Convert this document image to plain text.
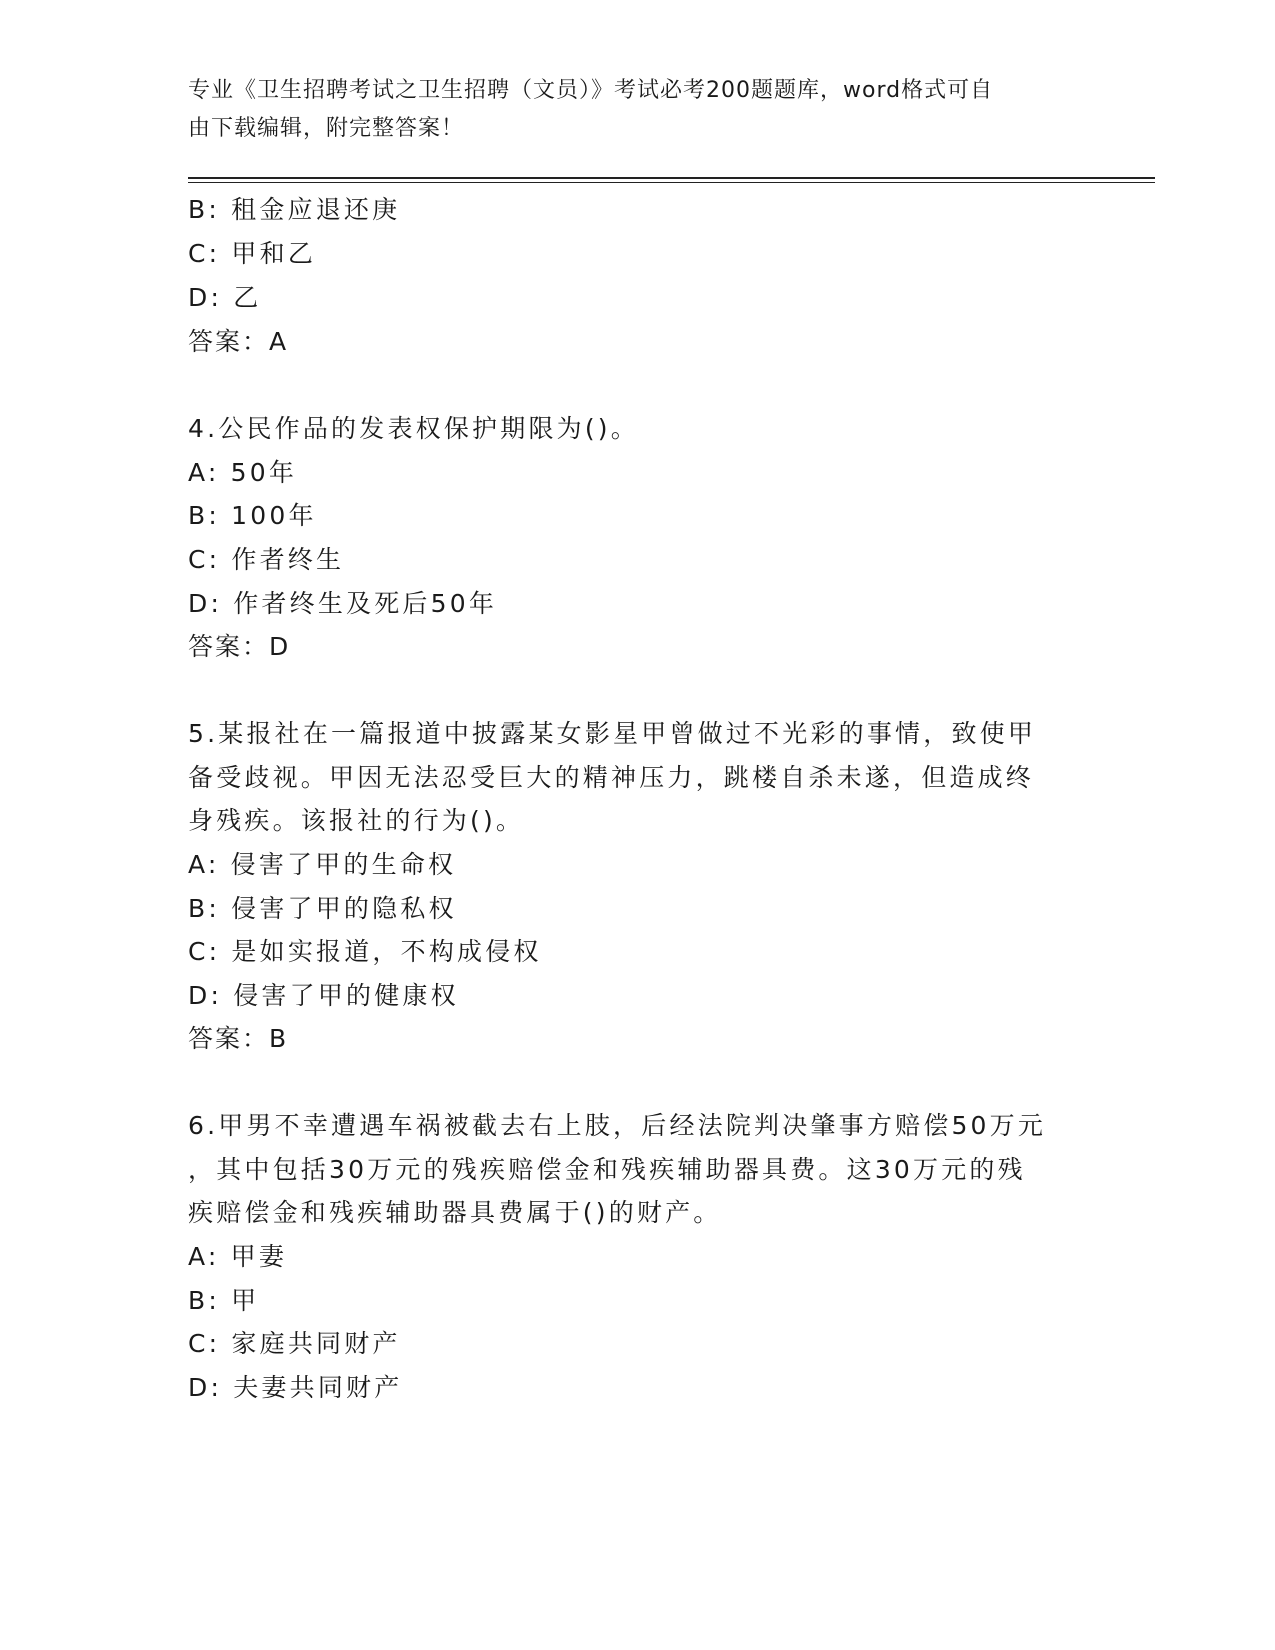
专业《卫生招聘考试之卫生招聘（文员）》考试必考200题题库，word格式可自
由下载编辑，附完整答案！
B: 租金应退还庚
C: 甲和乙
D: 乙
答案：A
4.公民作品的发表权保护期限为()。
A: 50年
B: 100年
C: 作者终生
D: 作者终生及死后50年
答案：D
5.某报社在一篇报道中披露某女影星甲曾做过不光彩的事情，致使甲
备受歧视。甲因无法忍受巨大的精神压力，跳楼自杀未遂，但造成终
身残疾。该报社的行为()。
A: 侵害了甲的生命权
B: 侵害了甲的隐私权
C: 是如实报道，不构成侵权
D: 侵害了甲的健康权
答案：B
6.甲男不幸遭遇车祸被截去右上肢，后经法院判决肇事方赔偿50万元
，其中包括30万元的残疾赔偿金和残疾辅助器具费。这30万元的残
疾赔偿金和残疾辅助器具费属于()的财产。
A: 甲妻
B: 甲
C: 家庭共同财产
D: 夫妻共同财产
